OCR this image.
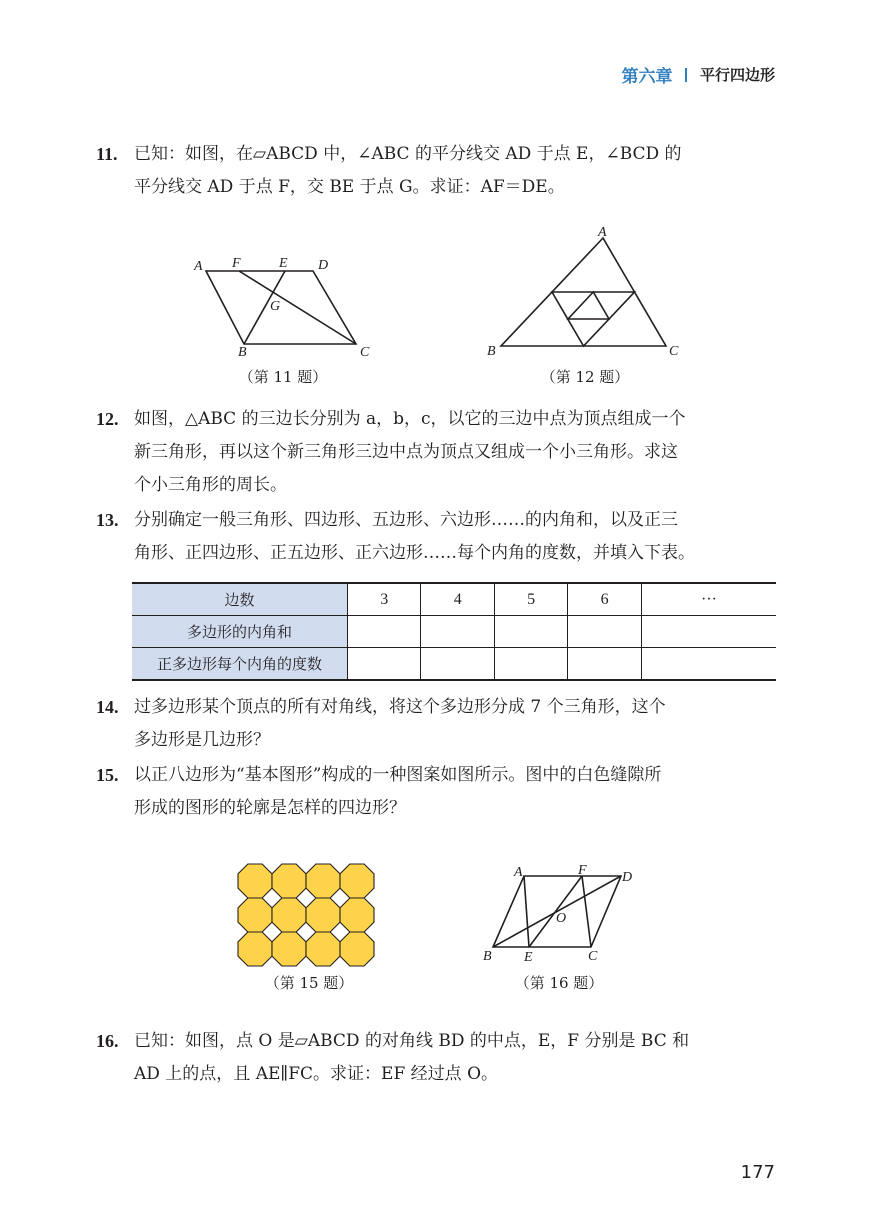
第六章 平行四边形
11. 已知：如图，在▱ABCD 中，∠ABC 的平分线交 AD 于点 E，∠BCD 的
平分线交 AD 于点 F，交 BE 于点 G。求证：AF＝DE。
A F	E D
G
B	C
（第 11 题）
A
B	C
（第 12 题）
12. 如图，△ABC 的三边长分别为 a，b，c，以它的三边中点为顶点组成一个
新三角形，再以这个新三角形三边中点为顶点又组成一个小三角形。求这
个小三角形的周长。
13. 分别确定一般三角形、四边形、五边形、六边形……的内角和，以及正三
角形、正四边形、正五边形、正六边形……每个内角的度数，并填入下表。
边数	3	4	5	6	···
多边形的内角和					
正多边形每个内角的度数					
14. 过多边形某个顶点的所有对角线，将这个多边形分成 7 个三角形，这个
多边形是几边形？
15. 以正八边形为“基本图形”构成的一种图案如图所示。图中的白色缝隙所
形成的图形的轮廓是怎样的四边形？
（第 15 题）
A	F	D
O
B E	C
（第 16 题）
16. 已知：如图，点 O 是▱ABCD 的对角线 BD 的中点，E，F 分别是 BC 和
AD 上的点，且 AE∥FC。求证：EF 经过点 O。
177
